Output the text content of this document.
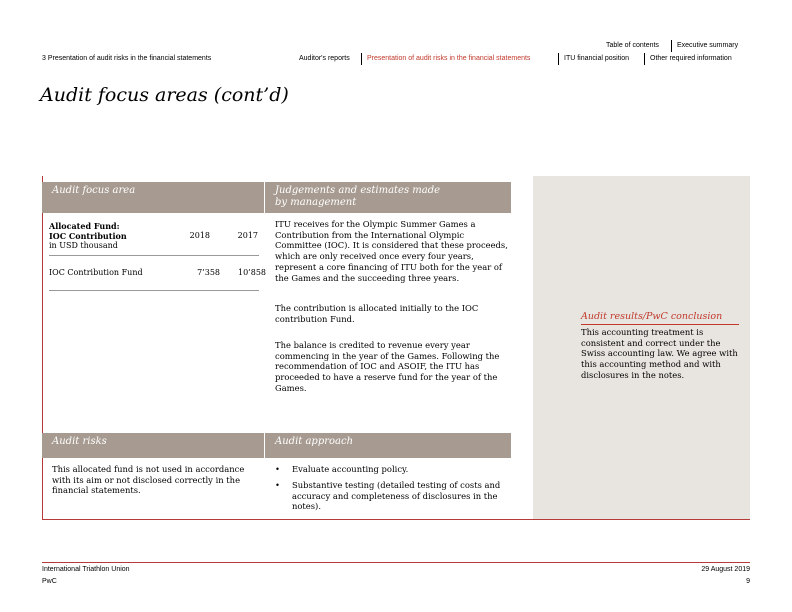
3 Presentation of audit risks in the financial statements
Table of contents	Executive summary
Auditor's reports Presentation of audit risks in the financial statements	ITU financial position	Other required information
Audit focus areas (cont’d)
Audit focus area
Allocated Fund:
IOC Contribution
in USD thousand
2018	2017
IOC Contribution Fund	7’358	10’858
Judgements and estimates made
by management
ITU receives for the Olympic Summer Games a Contribution from the International Olympic Committee (IOC). It is considered that these proceeds, which are only received once every four years, represent a core financing of ITU both for the year of the Games and the succeeding three years.
The contribution is allocated initially to the IOC contribution Fund.
The balance is credited to revenue every year commencing in the year of the Games. Following the recommendation of IOC and ASOIF, the ITU has proceeded to have a reserve fund for the year of the Games.
Audit risks
This allocated fund is not used in accordance with its aim or not disclosed correctly in the financial statements.
Audit approach
• Evaluate accounting policy.
• Substantive testing (detailed testing of costs and accuracy and completeness of disclosures in the notes).
Audit results/PwC conclusion
This accounting treatment is consistent and correct under the Swiss accounting law. We agree with this accounting method and with disclosures in the notes.
International Triathlon Union
PwC
29 August 2019
9
